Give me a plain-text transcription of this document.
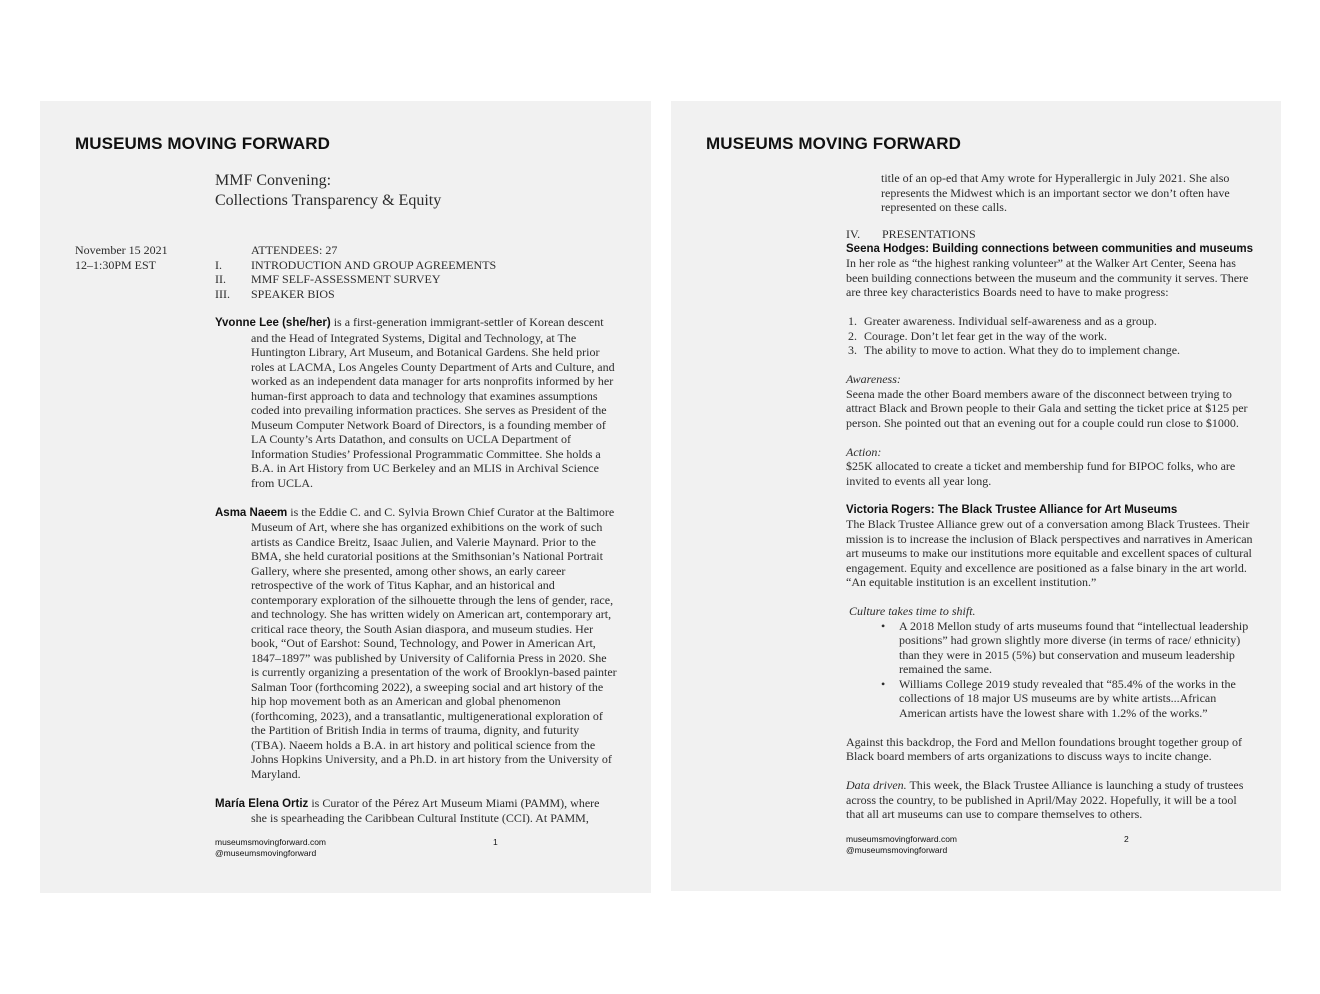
MUSEUMS MOVING FORWARD
MMF Convening:
Collections Transparency & Equity
November 15 2021
12–1:30PM EST
ATTENDEES: 27
I. INTRODUCTION AND GROUP AGREEMENTS
II. MMF SELF-ASSESSMENT SURVEY
III. SPEAKER BIOS

Yvonne Lee (she/her) is a first-generation immigrant-settler of Korean descent and the Head of Integrated Systems, Digital and Technology, at The Huntington Library, Art Museum, and Botanical Gardens. She held prior roles at LACMA, Los Angeles County Department of Arts and Culture, and worked as an independent data manager for arts nonprofits informed by her human-first approach to data and technology that examines assumptions coded into prevailing information practices. She serves as President of the Museum Computer Network Board of Directors, is a founding member of LA County’s Arts Datathon, and consults on UCLA Department of Information Studies’ Professional Programmatic Committee. She holds a B.A. in Art History from UC Berkeley and an MLIS in Archival Science from UCLA.

Asma Naeem is the Eddie C. and C. Sylvia Brown Chief Curator at the Baltimore Museum of Art, where she has organized exhibitions on the work of such artists as Candice Breitz, Isaac Julien, and Valerie Maynard. Prior to the BMA, she held curatorial positions at the Smithsonian’s National Portrait Gallery, where she presented, among other shows, an early career retrospective of the work of Titus Kaphar, and an historical and contemporary exploration of the silhouette through the lens of gender, race, and technology. She has written widely on American art, contemporary art, critical race theory, the South Asian diaspora, and museum studies. Her book, “Out of Earshot: Sound, Technology, and Power in American Art, 1847–1897” was published by University of California Press in 2020. She is currently organizing a presentation of the work of Brooklyn-based painter Salman Toor (forthcoming 2022), a sweeping social and art history of the hip hop movement both as an American and global phenomenon (forthcoming, 2023), and a transatlantic, multigenerational exploration of the Partition of British India in terms of trauma, dignity, and futurity (TBA). Naeem holds a B.A. in art history and political science from the Johns Hopkins University, and a Ph.D. in art history from the University of Maryland.

María Elena Ortiz is Curator of the Pérez Art Museum Miami (PAMM), where she is spearheading the Caribbean Cultural Institute (CCI). At PAMM,

museumsmovingforward.com
@museumsmovingforward
1
MUSEUMS MOVING FORWARD

title of an op-ed that Amy wrote for Hyperallergic in July 2021. She also represents the Midwest which is an important sector we don’t often have represented on these calls.

IV. PRESENTATIONS

Seena Hodges: Building connections between communities and museums

In her role as “the highest ranking volunteer” at the Walker Art Center, Seena has been building connections between the museum and the community it serves. There are three key characteristics Boards need to have to make progress:

1. Greater awareness. Individual self-awareness and as a group.
2. Courage. Don’t let fear get in the way of the work.
3. The ability to move to action. What they do to implement change.

Awareness:

Seena made the other Board members aware of the disconnect between trying to attract Black and Brown people to their Gala and setting the ticket price at $125 per person. She pointed out that an evening out for a couple could run close to $1000.

Action:

$25K allocated to create a ticket and membership fund for BIPOC folks, who are invited to events all year long.

Victoria Rogers: The Black Trustee Alliance for Art Museums

The Black Trustee Alliance grew out of a conversation among Black Trustees. Their mission is to increase the inclusion of Black perspectives and narratives in American art museums to make our institutions more equitable and excellent spaces of cultural engagement. Equity and excellence are positioned as a false binary in the art world. “An equitable institution is an excellent institution.”

Culture takes time to shift.

• A 2018 Mellon study of arts museums found that “intellectual leadership positions” had grown slightly more diverse (in terms of race/ ethnicity) than they were in 2015 (5%) but conservation and museum leadership remained the same.
• Williams College 2019 study revealed that “85.4% of the works in the collections of 18 major US museums are by white artists...African American artists have the lowest share with 1.2% of the works.”

Against this backdrop, the Ford and Mellon foundations brought together group of Black board members of arts organizations to discuss ways to incite change.

Data driven. This week, the Black Trustee Alliance is launching a study of trustees across the country, to be published in April/May 2022. Hopefully, it will be a tool that all art museums can use to compare themselves to others.

museumsmovingforward.com
@museumsmovingforward
2
